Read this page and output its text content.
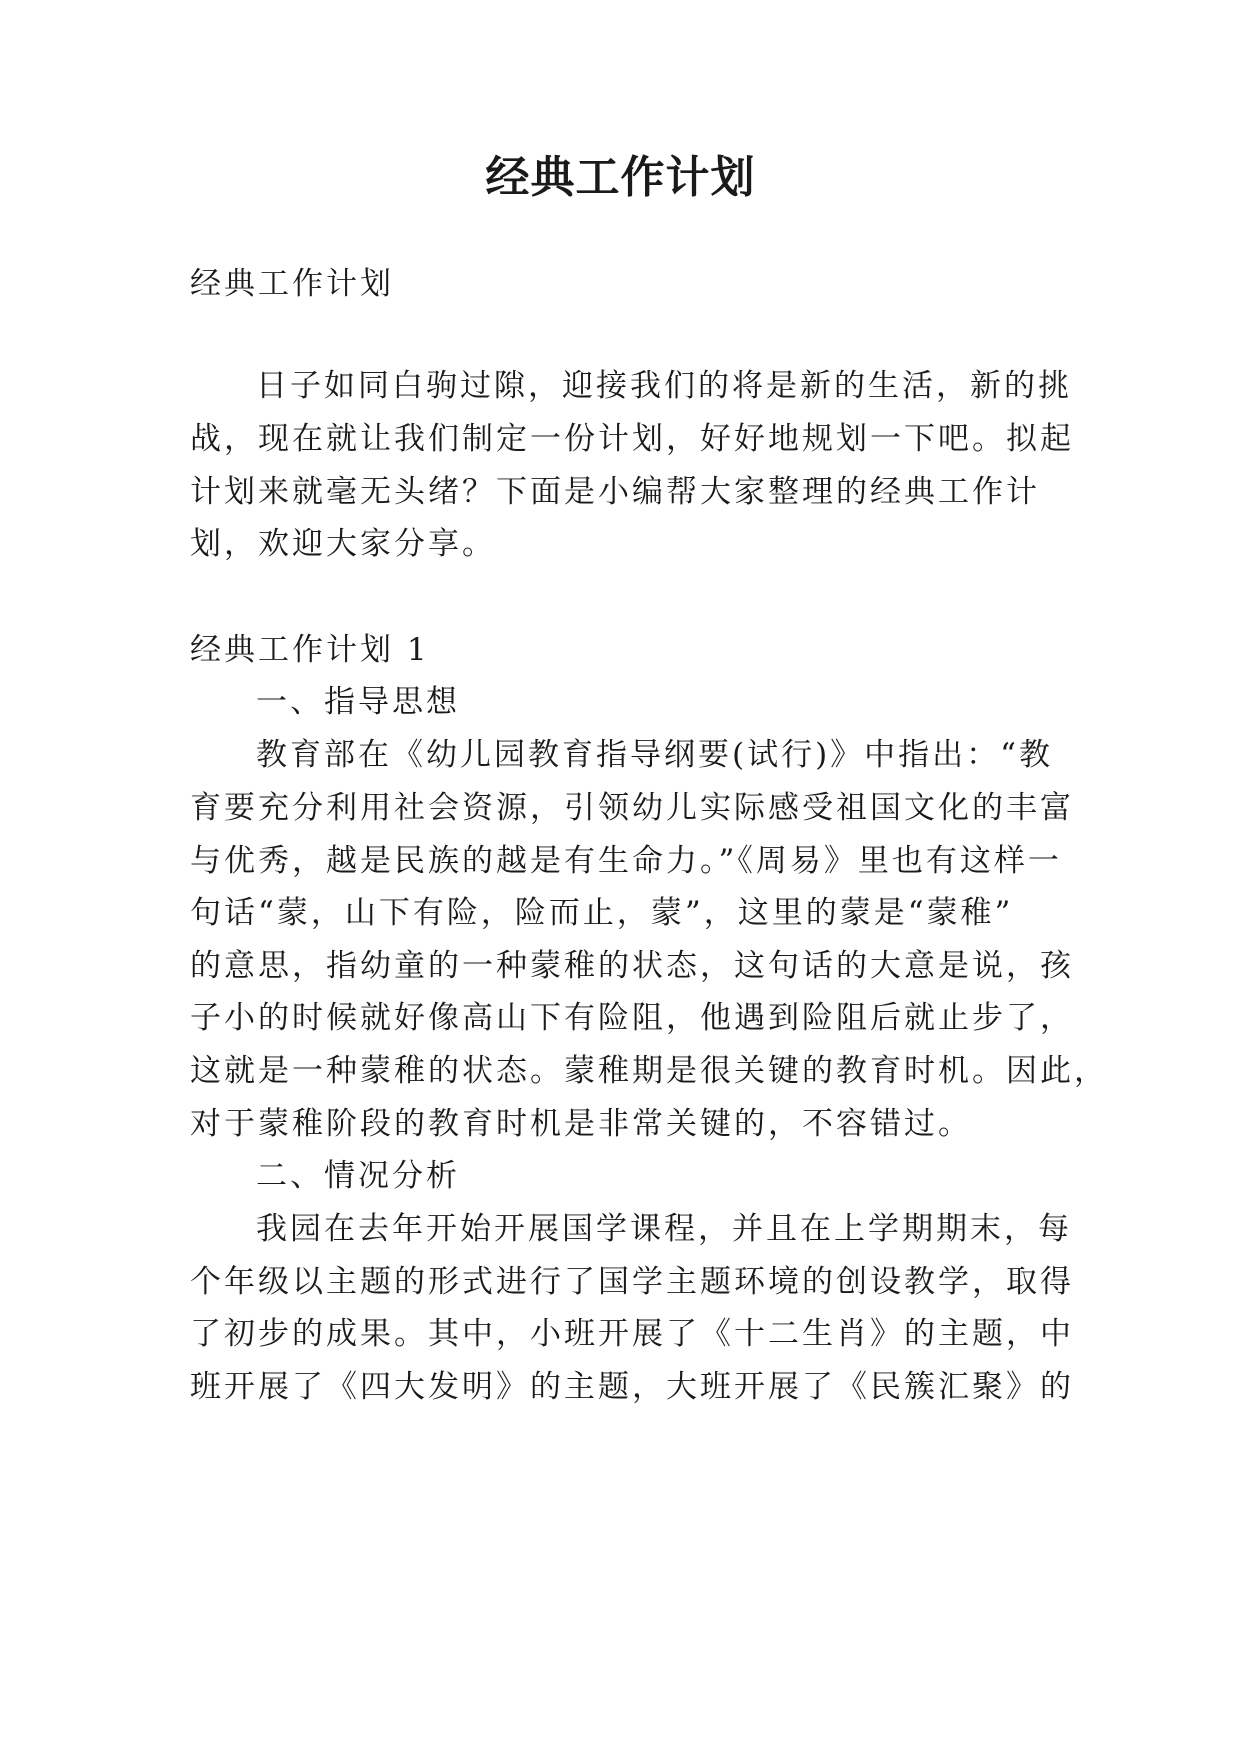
经典工作计划
经典工作计划
日子如同白驹过隙，迎接我们的将是新的生活，新的挑
战，现在就让我们制定一份计划，好好地规划一下吧。拟起
计划来就毫无头绪？下面是小编帮大家整理的经典工作计
划，欢迎大家分享。
经典工作计划 1
一、指导思想
教育部在《幼儿园教育指导纲要(试行)》中指出：“教
育要充分利用社会资源，引领幼儿实际感受祖国文化的丰富
与优秀，越是民族的越是有生命力。”《周易》里也有这样一
句话“蒙，山下有险，险而止，蒙”，这里的蒙是“蒙稚”
的意思，指幼童的一种蒙稚的状态，这句话的大意是说，孩
子小的时候就好像高山下有险阻，他遇到险阻后就止步了，
这就是一种蒙稚的状态。蒙稚期是很关键的教育时机。因此，
对于蒙稚阶段的教育时机是非常关键的，不容错过。
二、情况分析
我园在去年开始开展国学课程，并且在上学期期末，每
个年级以主题的形式进行了国学主题环境的创设教学，取得
了初步的成果。其中，小班开展了《十二生肖》的主题，中
班开展了《四大发明》的主题，大班开展了《民簇汇聚》的
